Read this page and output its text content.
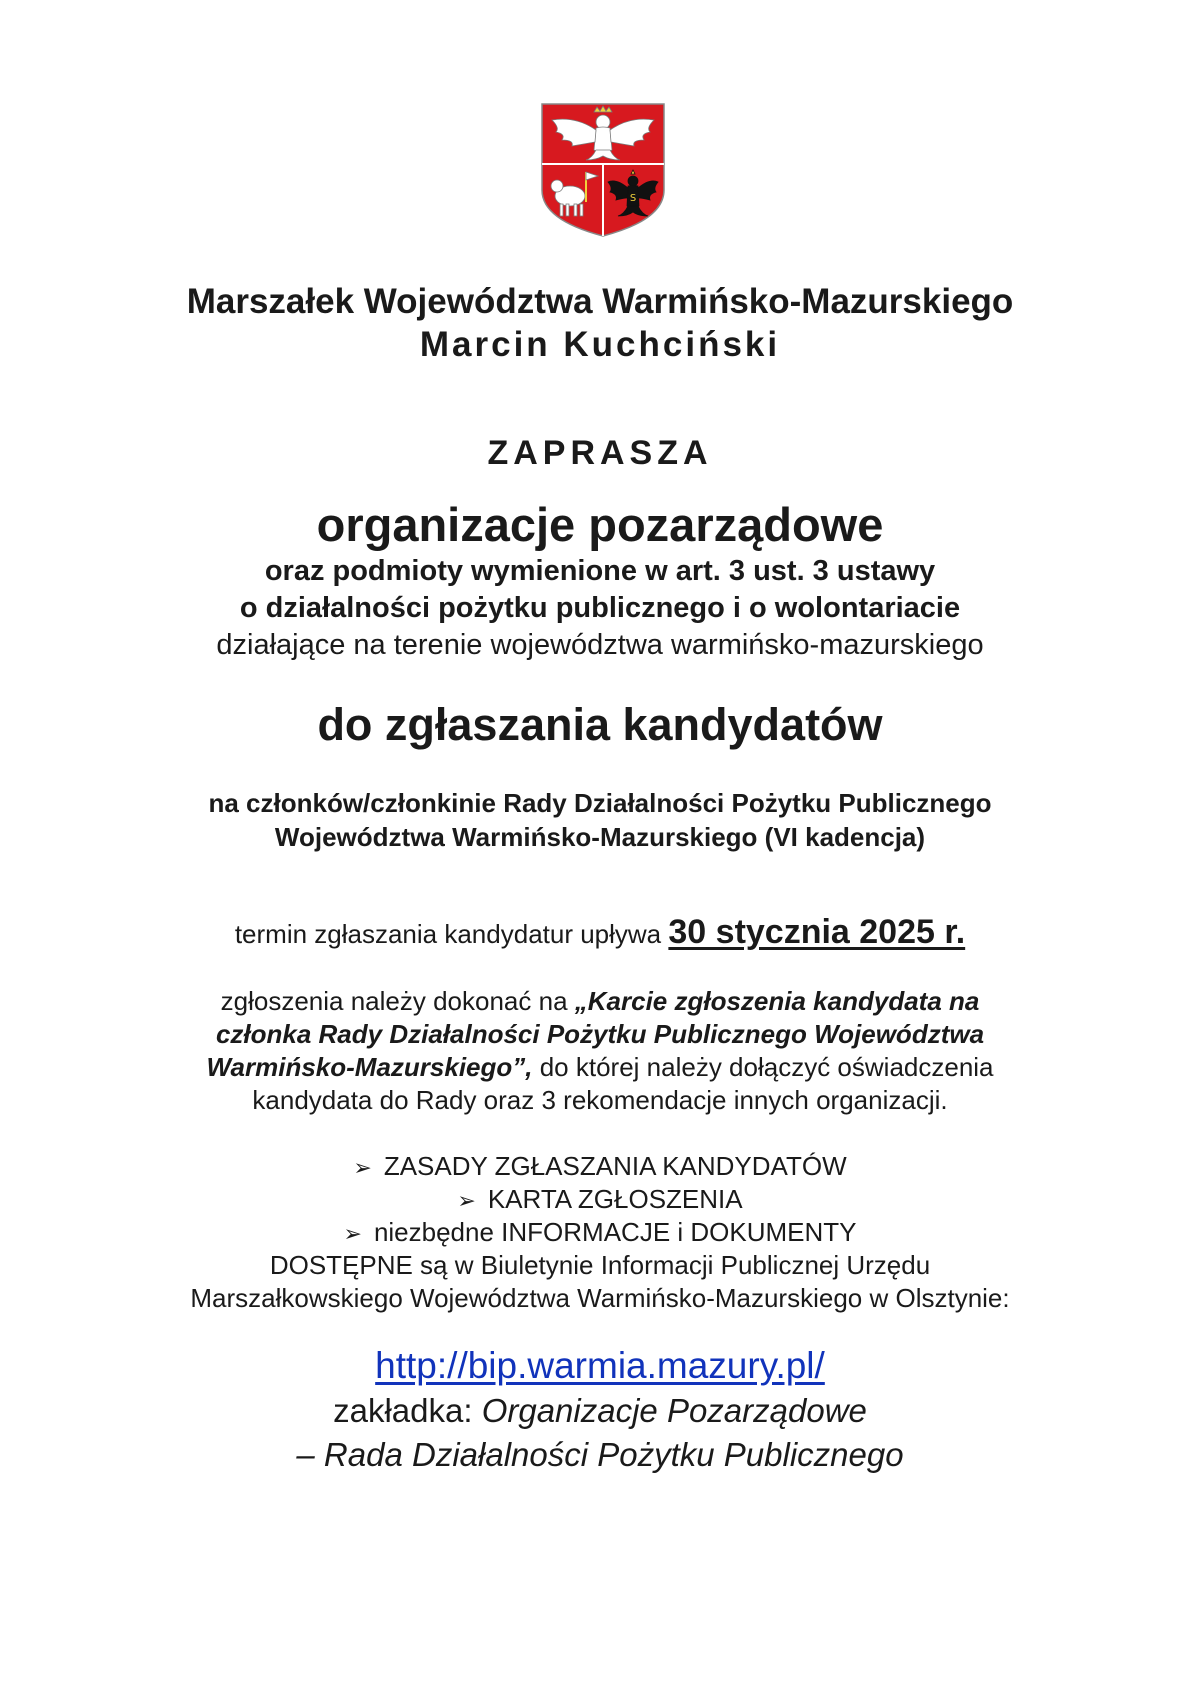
S
Marszałek Województwa Warmińsko-Mazurskiego
Marcin Kuchciński
ZAPRASZA
organizacje pozarządowe
oraz podmioty wymienione w art. 3 ust. 3 ustawy
o działalności pożytku publicznego i o wolontariacie
działające na terenie województwa warmińsko-mazurskiego
do zgłaszania kandydatów
na członków/członkinie Rady Działalności Pożytku Publicznego
Województwa Warmińsko-Mazurskiego (VI kadencja)
termin zgłaszania kandydatur upływa 30 stycznia 2025 r.
zgłoszenia należy dokonać na „Karcie zgłoszenia kandydata na
członka Rady Działalności Pożytku Publicznego Województwa
Warmińsko-Mazurskiego”, do której należy dołączyć oświadczenia
kandydata do Rady oraz 3 rekomendacje innych organizacji.
➢ ZASADY ZGŁASZANIA KANDYDATÓW
➢ KARTA ZGŁOSZENIA
➢ niezbędne INFORMACJE i DOKUMENTY
DOSTĘPNE są w Biuletynie Informacji Publicznej Urzędu
Marszałkowskiego Województwa Warmińsko-Mazurskiego w Olsztynie:
http://bip.warmia.mazury.pl/
zakładka: Organizacje Pozarządowe
– Rada Działalności Pożytku Publicznego
